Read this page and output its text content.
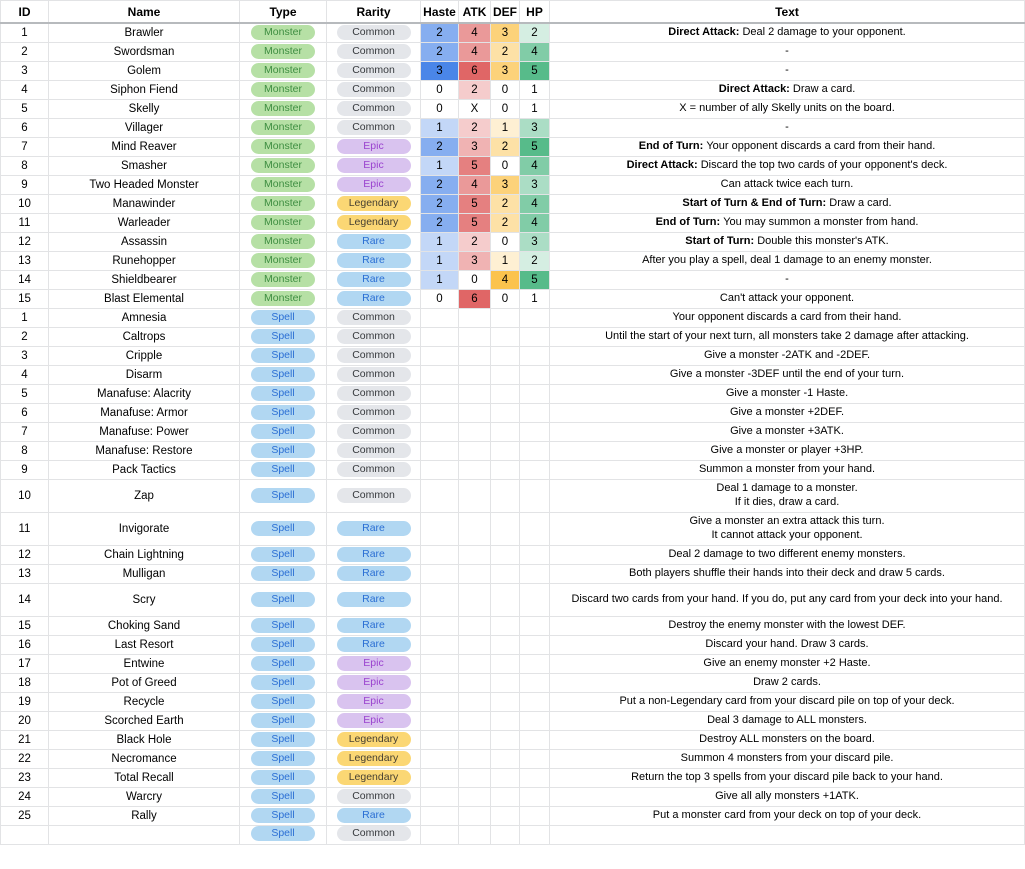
ID	Name	Type	Rarity	Haste	ATK	DEF	HP	Text
1	Brawler	Monster	Common	2	4	3	2	Direct Attack: Deal 2 damage to your opponent.
2	Swordsman	Monster	Common	2	4	2	4	-
3	Golem	Monster	Common	3	6	3	5	-
4	Siphon Fiend	Monster	Common	0	2	0	1	Direct Attack: Draw a card.
5	Skelly	Monster	Common	0	X	0	1	X = number of ally Skelly units on the board.
6	Villager	Monster	Common	1	2	1	3	-
7	Mind Reaver	Monster	Epic	2	3	2	5	End of Turn: Your opponent discards a card from their hand.
8	Smasher	Monster	Epic	1	5	0	4	Direct Attack: Discard the top two cards of your opponent's deck.
9	Two Headed Monster	Monster	Epic	2	4	3	3	Can attack twice each turn.
10	Manawinder	Monster	Legendary	2	5	2	4	Start of Turn & End of Turn: Draw a card.
11	Warleader	Monster	Legendary	2	5	2	4	End of Turn: You may summon a monster from hand.
12	Assassin	Monster	Rare	1	2	0	3	Start of Turn: Double this monster's ATK.
13	Runehopper	Monster	Rare	1	3	1	2	After you play a spell, deal 1 damage to an enemy monster.
14	Shieldbearer	Monster	Rare	1	0	4	5	-
15	Blast Elemental	Monster	Rare	0	6	0	1	Can't attack your opponent.
1	Amnesia	Spell	Common					Your opponent discards a card from their hand.
2	Caltrops	Spell	Common					Until the start of your next turn, all monsters take 2 damage after attacking.
3	Cripple	Spell	Common					Give a monster -2ATK and -2DEF.
4	Disarm	Spell	Common					Give a monster -3DEF until the end of your turn.
5	Manafuse: Alacrity	Spell	Common					Give a monster -1 Haste.
6	Manafuse: Armor	Spell	Common					Give a monster +2DEF.
7	Manafuse: Power	Spell	Common					Give a monster +3ATK.
8	Manafuse: Restore	Spell	Common					Give a monster or player +3HP.
9	Pack Tactics	Spell	Common					Summon a monster from your hand.
10	Zap	Spell	Common					Deal 1 damage to a monster.
If it dies, draw a card.
11	Invigorate	Spell	Rare					Give a monster an extra attack this turn.
It cannot attack your opponent.
12	Chain Lightning	Spell	Rare					Deal 2 damage to two different enemy monsters.
13	Mulligan	Spell	Rare					Both players shuffle their hands into their deck and draw 5 cards.
14	Scry	Spell	Rare					Discard two cards from your hand. If you do, put any card from your deck into your hand.
15	Choking Sand	Spell	Rare					Destroy the enemy monster with the lowest DEF.
16	Last Resort	Spell	Rare					Discard your hand. Draw 3 cards.
17	Entwine	Spell	Epic					Give an enemy monster +2 Haste.
18	Pot of Greed	Spell	Epic					Draw 2 cards.
19	Recycle	Spell	Epic					Put a non-Legendary card from your discard pile on top of your deck.
20	Scorched Earth	Spell	Epic					Deal 3 damage to ALL monsters.
21	Black Hole	Spell	Legendary					Destroy ALL monsters on the board.
22	Necromance	Spell	Legendary					Summon 4 monsters from your discard pile.
23	Total Recall	Spell	Legendary					Return the top 3 spells from your discard pile back to your hand.
24	Warcry	Spell	Common					Give all ally monsters +1ATK.
25	Rally	Spell	Rare					Put a monster card from your deck on top of your deck.

		Spell	Common					
